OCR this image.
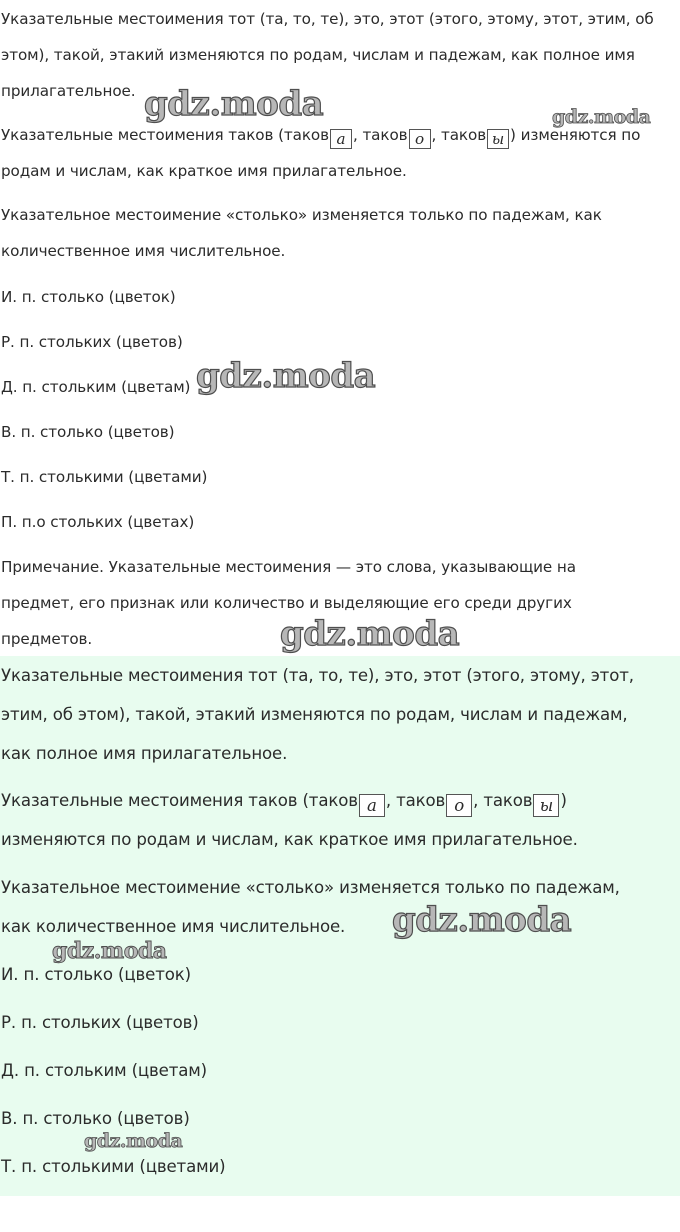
Указательные местоимения тот (та, то, те), это, этот (этого, этому, этот, этим, об

этом), такой, этакий изменяются по родам, числам и падежам, как полное имя

прилагательное.

Указательные местоимения таков (таков а , таков о , таков ы ) изменяются по

родам и числам, как краткое имя прилагательное.

Указательное местоимение «столько» изменяется только по падежам, как

количественное имя числительное.

И. п. столько (цветок)

Р. п. стольких (цветов)

Д. п. стольким (цветам)

В. п. столько (цветов)

Т. п. столькими (цветами)

П. п.о стольких (цветах)

Примечание. Указательные местоимения — это слова, указывающие на

предмет, его признак или количество и выделяющие его среди других

предметов.

Указательные местоимения тот (та, то, те), это, этот (этого, этому, этот,

этим, об этом), такой, этакий изменяются по родам, числам и падежам,

как полное имя прилагательное.

Указательные местоимения таков (таков а , таков о , таков ы )

изменяются по родам и числам, как краткое имя прилагательное.

Указательное местоимение «столько» изменяется только по падежам,

как количественное имя числительное.

И. п. столько (цветок)

Р. п. стольких (цветов)

Д. п. стольким (цветам)

В. п. столько (цветов)

Т. п. столькими (цветами)

gdz.moda	gdz.moda
gdz.moda
gdz.moda
gdz.moda
gdz.moda
gdz.moda
